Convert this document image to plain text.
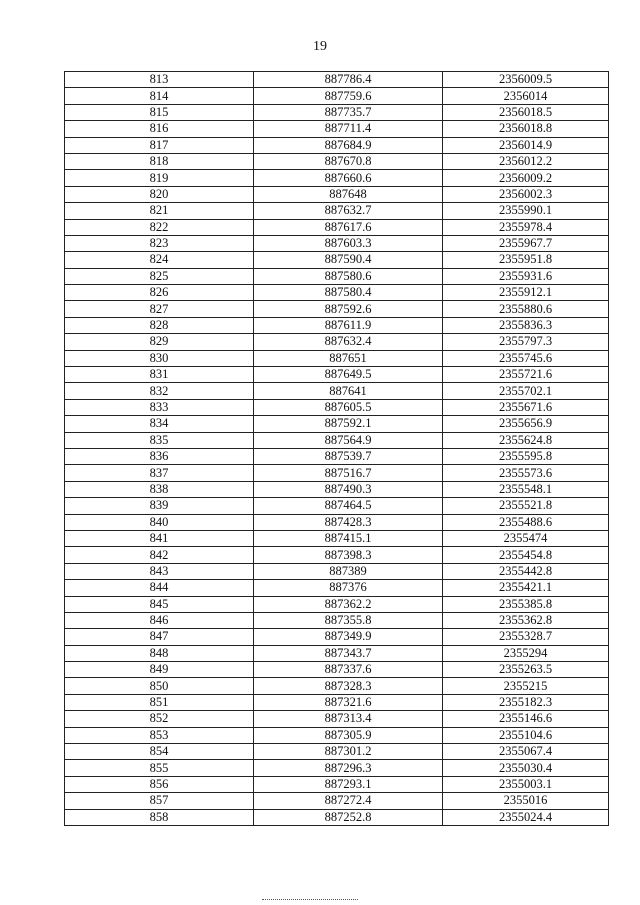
19
813	887786.4	2356009.5
814	887759.6	2356014
815	887735.7	2356018.5
816	887711.4	2356018.8
817	887684.9	2356014.9
818	887670.8	2356012.2
819	887660.6	2356009.2
820	887648	2356002.3
821	887632.7	2355990.1
822	887617.6	2355978.4
823	887603.3	2355967.7
824	887590.4	2355951.8
825	887580.6	2355931.6
826	887580.4	2355912.1
827	887592.6	2355880.6
828	887611.9	2355836.3
829	887632.4	2355797.3
830	887651	2355745.6
831	887649.5	2355721.6
832	887641	2355702.1
833	887605.5	2355671.6
834	887592.1	2355656.9
835	887564.9	2355624.8
836	887539.7	2355595.8
837	887516.7	2355573.6
838	887490.3	2355548.1
839	887464.5	2355521.8
840	887428.3	2355488.6
841	887415.1	2355474
842	887398.3	2355454.8
843	887389	2355442.8
844	887376	2355421.1
845	887362.2	2355385.8
846	887355.8	2355362.8
847	887349.9	2355328.7
848	887343.7	2355294
849	887337.6	2355263.5
850	887328.3	2355215
851	887321.6	2355182.3
852	887313.4	2355146.6
853	887305.9	2355104.6
854	887301.2	2355067.4
855	887296.3	2355030.4
856	887293.1	2355003.1
857	887272.4	2355016
858	887252.8	2355024.4
